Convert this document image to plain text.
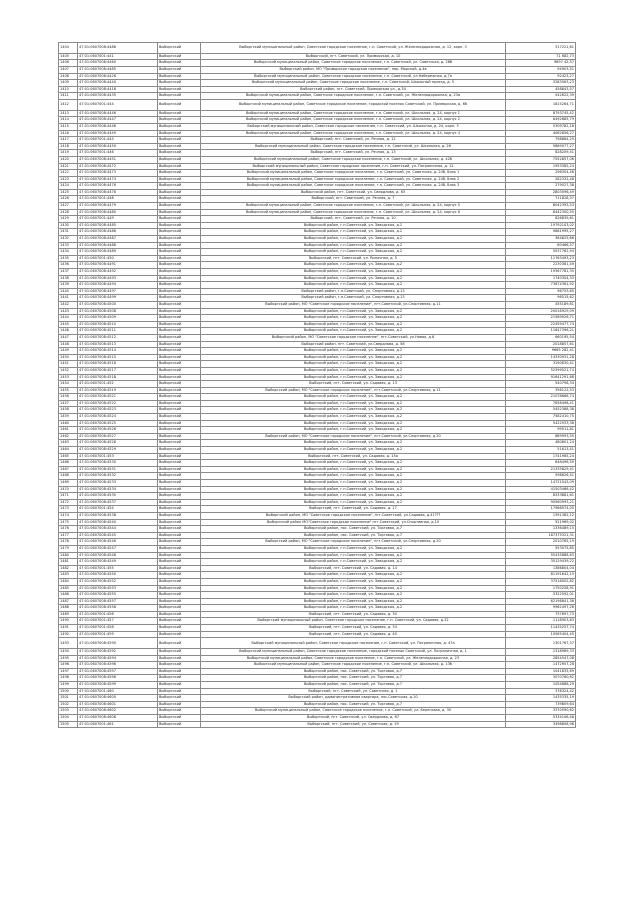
1404	47:01:0607008:4488	Выборгский	Выборгский муниципальный район, Советское городское поселение, г.п. Советский, ул. Железнодорожная, д. 12, корп. 3	317221,61
1405	47:01:0607001:441	Выборгский	Выборгский, пгт. Советский, ул. Приморская, д. 10	71 682,73
1406	47:01:0607008:4460	Выборгский	Выборгский муниципальный район, Советское городское поселение, г.п. Советский, ул. Советская, д. 28б	9697 42,37
1407	47:01:0607008:4485	Выборгский	Выборгский район, МО "Приморское городское поселение", пер. Морской, д.4в	94903,51
1408	47:01:0607008:4426	Выборгский	Выборгский муниципальный район, Советское городское поселение, г.п. Советский, ул.Набережная, д.7а	92423,27
1409	47:01:0607008:4440	Выборгский	Выборгский муниципальный район, Советское городское поселение, г.п. Советский, Школьный проезд, д. 5	3283563,23
1410	47:01:0607008:4418	Выборгский	Выборгский район, пгт. Советский, Приморская ул., д.34	458843,57
1411	47:01:0607008:4435	Выборгский	Выборгский муниципальный район, Советское городское поселение, г.п. Советский, ул. Железнодорожная, д. 23а	542622,39
1412	47:01:0607001:444	Выборгский	Выборгский муниципальный район, Советское городское поселение, городской поселок Советский, ул. Приморская, д. 66	1815264,71
1413	47:01:0607008:4446	Выборгский	Выборгский муниципальный район, Советское городское поселение, г.п. Советский, ул. Школьная, д. 24, корпус 1	8793745,42
1414	47:01:0607008:4447	Выборгский	Выборгский муниципальный район, Советское городское поселение, г.п. Советский, ул. Школьная, д. 24, корпус 2	6492685,79
1415	47:01:0607008:4448	Выборгский	Выборгский муниципальный район, Советское городское поселение, г.п. Советский, ул. Школьная, д. 24, корп. 3	5309782,18
1416	47:01:0607008:4449	Выборгский	Выборгский муниципальный район, Советское городское поселение, г.п. Советский, ул. Школьная, д. 24, корпус 4	4082856,27
1417	47:01:0607001:445	Выборгский	Выборгский, пгт. Советский, ул. Речная, д. 12	798864,25
1418	47:01:0607008:4450	Выборгский	Выборгский муниципальный район, Советское городское поселение, г.п. Советский, ул. Школьная, д. 26	5869077,27
1419	47:01:0607001:446	Выборгский	Выборгский, пгт. Советский, ул. Речная, д. 13	828209,41
1420	47:01:0607008:4451	Выборгский	Выборгский муниципальный район, Советское городское поселение, г.п. Советский, ул. Школьная, д. 42б	7552857,06
1421	47:01:0607008:4472	Выборгский	Выборгский муниципальный район, Советское городское поселение, г.п. Советский, ул. Пограничная, д. 12	1953385,24
1422	47:01:0607008:4473	Выборгский	Выборгский муниципальный район, Советское городское поселение, г.п. Советский, ул. Советская, д. 24б, блок 1	296304,46
1423	47:01:0607008:4474	Выборгский	Выборгский муниципальный район, Советское городское поселение, г.п. Советский, ул. Советская, д. 24б, блок 2	282332,48
1424	47:01:0607008:4476	Выборгский	Выборгский муниципальный район, Советское городское поселение, г.п. Советский, ул. Советская, д. 24б, блок 3	279027,38
1425	47:01:0607008:4478	Выборгский	Выборгский район, пгт. Советский, ул. Свердлова, д. 63	2803596,49
1426	47:01:0607001:448	Выборгский	Выборгский, пгт. Советский, ул. Речная, д. 7	711828,37
1427	47:01:0607008:4479	Выборгский	Выборгский муниципальный район, Советское городское поселение, г.п. Советский, ул. Школьная, д. 24, корпус 5	8042393,53
1428	47:01:0607008:4480	Выборгский	Выборгский муниципальный район, Советское городское поселение, г.п. Советский, ул. Школьная, д. 24, корпус 6	8442300,55
1429	47:01:0607001:449	Выборгский	Выборгский, пгт. Советский, ул. Речная, д. 10	826839,61
1430	47:01:0607008:4485	Выборгский	Выборгский район, г.п.Советский, ул. Заводская, д.1	19792103,02
1431	47:01:0607008:4486	Выборгский	Выборгский район, г.п.Советский, ул. Заводская, д.2	9881995,27
1432	47:01:0607008:4487	Выборгский	Выборгский район, г.п.Советский, ул. Заводская, д.2	384825,66
1433	47:01:0607008:4488	Выборгский	Выборгский район, г.п.Советский, ул. Заводская, д.2	80466,57
1434	47:01:0607008:4489	Выборгский	Выборгский район, г.п.Советский, ул. Заводская, д.2	5037762,94
1435	47:01:0607001:450	Выборгский	Выборгский, пгт. Советский, ул. Рыночная, д. 5	11763493,23
1436	47:01:0607008:4491	Выборгский	Выборгский район, г.п.Советский, ул. Заводская, д.2	2230381,49
1437	47:01:0607008:4492	Выборгский	Выборгский район, г.п.Советский, ул. Заводская, д.2	19367781,35
1438	47:01:0607008:4493	Выборгский	Выборгский район, г.п.Советский, ул. Заводская, д.2	1740304,33
1439	47:01:0607008:4494	Выборгский	Выборгский район, г.п.Советский, ул. Заводская, д.2	73674361,92
1440	47:01:0607008:4497	Выборгский	Выборгский район, г.п.Советский, ул. Спортивная, д.13	96753,65
1441	47:01:0607008:4499	Выборгский	Выборгский район, г.п.Советский, ул. Спортивная, д.13	96515,62
1442	47:01:0607008:4500	Выборгский	Выборгский район, МО "Советское городское поселение", пгт.Советский, ул.Спортивная, д.11	455189,81
1443	47:01:0607008:4508	Выборгский	Выборгский район, г.п.Советский, ул. Заводская, д.2	20016929,09
1444	47:01:0607008:4509	Выборгский	Выборгский район, г.п.Советский, ул. Заводская, д.2	21589926,71
1445	47:01:0607008:4510	Выборгский	Выборгский район, г.п.Советский, ул. Заводская, д.2	22459477,74
1446	47:01:0607008:4511	Выборгский	Выборгский район, г.п.Советский, ул. Заводская, д.2	11647396,21
1447	47:01:0607008:4512	Выборгский	Выборгский район, МО "Советское городское поселение", пгт.Советский, ул.Новая, д.6	660195,54
1448	47:01:0607008:4513	Выборгский	Выборгский район, пгт. Советский, ул.Свердлова, д. 58	2018857,61
1449	47:01:0607008:4514	Выборгский	Выборгский район, г.п.Советский, ул. Заводская, д.2	9665 282,41
1450	47:01:0607008:4515	Выборгский	Выборгский район, г.п.Советский, ул. Заводская, д.2	14330931,28
1451	47:01:0607008:4516	Выборгский	Выборгский район, г.п.Советский, ул. Заводская, д.2	3190830,41
1452	47:01:0607008:4517	Выборгский	Выборгский район, г.п.Советский, ул. Заводская, д.2	52399521,74
1453	47:01:0607008:4518	Выборгский	Выборгский район, г.п.Советский, ул. Заводская, д.2	91641291,68
1454	47:01:0607001:452	Выборгский	Выборгский, пгт. Советский, ул. Садовая, д. 13	540798,34
1455	47:01:0607008:4519	Выборгский	Выборгский район, МО "Советское городское поселение", пгт.Советский, ул.Спортивная, д.11	356122,53
1456	47:01:0607008:4521	Выборгский	Выборгский район, г.п.Советский, ул. Заводская, д.2	21078666,74
1457	47:01:0607008:4522	Выборгский	Выборгский район, г.п.Советский, ул. Заводская, д.2	7658498,41
1458	47:01:0607008:4523	Выборгский	Выборгский район, г.п.Советский, ул. Заводская, д.2	5452388,38
1459	47:01:0607008:4524	Выборгский	Выборгский район, г.п.Советский, ул. Заводская, д.2	7582410,75
1460	47:01:0607008:4525	Выборгский	Выборгский район, г.п.Советский, ул. Заводская, д.2	5422933,38
1461	47:01:0607008:4526	Выборгский	Выборгский район, г.п.Советский, ул. Заводская, д.2	99511,81
1462	47:01:0607008:4527	Выборгский	Выборгский район, МО "Советское городское поселение", пгт.Советский, ул.Спортивная, д.20	889993,55
1463	47:01:0607008:4528	Выборгский	Выборгский район, г.п.Советский, ул. Заводская, д.2	480801,24
1464	47:01:0607008:4529	Выборгский	Выборгский район, г.п.Советский, ул. Заводская, д.2	51613,41
1465	47:01:0607001:453	Выборгский	Выборгский, пгт. Советский, ул. Садовая, д. 15а	1741985,24
1466	47:01:0607008:4530	Выборгский	Выборгский район, г.п.Советский, ул. Заводская, д.2	848496,59
1467	47:01:0607008:4531	Выборгский	Выборгский район, г.п.Советский, ул. Заводская, д.2	21335829,41
1468	47:01:0607008:4532	Выборгский	Выборгский район, г.п.Советский, ул. Заводская, д.2	598826,51
1469	47:01:0607008:4533	Выборгский	Выборгский район, г.п.Советский, ул. Заводская, д.2	14721543,09
1470	47:01:0607008:4534	Выборгский	Выборгский район, г.п.Советский, ул. Заводская, д.2	41503466,42
1471	47:01:0607008:4535	Выборгский	Выборгский район, г.п.Советский, ул. Заводская, д.2	8333881,61
1472	47:01:0607008:4537	Выборгский	Выборгский район, г.п.Советский, ул. Заводская, д.2	90560993,21
1473	47:01:0607001:454	Выборгский	Выборгский, пгт. Советский, ул. Садовая, д. 17	17986974,05
1474	47:01:0607008:4538	Выборгский	Выборгский район, МО "Советское городское поселение", пгт.Советский, ул.Садовая, д.41???	1391382,12
1475	47:01:0607008:4540	Выборгский	Выборгский район МО"Советское городское поселение" пгт.Советский, ул.Спортивная, д.10	521969,02
1476	47:01:0607008:4544	Выборгский	Выборгский район, пос. Советский, ул. Торговая, д.7	1336489,15
1477	47:01:0607008:4545	Выборгский	Выборгский район, пос. Советский, ул. Торговая, д.7	187375321,31
1478	47:01:0607008:4546	Выборгский	Выборгский район, МО "Советское городское поселение", пгт.Советский, ул.Спортивная, д.20	2010765,19
1479	47:01:0607008:4547	Выборгский	Выборгский район, г.п.Советский, ул. Заводская, д.2	553075,85
1480	47:01:0607008:4548	Выборгский	Выборгский район, г.п.Советский, ул. Заводская, д.2	55435888,63
1481	47:01:0607008:4549	Выборгский	Выборгский район, г.п.Советский, ул. Заводская, д.2	35129439,22
1482	47:01:0607001:455	Выборгский	Выборгский, пгт. Советский, ул. Садовая, д. 14	1386804,04
1483	47:01:0607008:4550	Выборгский	Выборгский район, г.п.Советский, ул. Заводская, д.2	81191642,15
1484	47:01:0607008:4552	Выборгский	Выборгский район, г.п.Советский, ул. Заводская, д.2	37518002,82
1485	47:01:0607008:4553	Выборгский	Выборгский район, г.п.Советский, ул. Заводская, д.2	1750258,91
1486	47:01:0607008:4555	Выборгский	Выборгский район, г.п.Советский, ул. Заводская, д.2	5322592,01
1487	47:01:0607008:4557	Выборгский	Выборгский район, г.п.Советский, ул. Заводская, д.2	62198841,38
1488	47:01:0607008:4558	Выборгский	Выборгский район, г.п.Советский, ул. Заводская, д.2	9962497,26
1489	47:01:0607001:456	Выборгский	Выборгский, пгт. Советский, ул. Садовая, д. 30	737897,73
1490	47:01:0607001:457	Выборгский	Выборгский муниципальный район, Советское городское поселение, г.п. Советский, ул. Садовая, д.32	1118903,63
1491	47:01:0607001:458	Выборгский	Выборгский, пгт. Советский, ул. Садовая, д. 34	11435257,74
1492	47:01:0607001:459	Выборгский	Выборгский, пгт. Советский, ул. Садовая, д. 40	10565404,45
1493	47:01:0607008:4590	Выборгский	Выборгский муниципальный район, Советское городское поселение, г.п. Советский, ул. Пограничная, д. 47а	1301767,37
1494	47:01:0607008:4592	Выборгский	Выборгский муниципальный район, Советское городское поселение, городской поселок Советский, ул. Пограничная, д. 1	1318989,33
1495	47:01:0607008:4594	Выборгский	Выборгский муниципальный район, Советское городское поселение, г.п. Советский, ул. Железнодорожная, д. 23	2854547,08
1496	47:01:0607008:4596	Выборгский	Выборгский муниципальный район, Советское городское поселение, г.п. Советский, ул. Школьная, д. 13б	1472907,28
1497	47:01:0607008:4597	Выборгский	Выборгский район, пос. Советский, ул. Торговая, д.7	1041835,69
1498	47:01:0607008:4598	Выборгский	Выборгский район, пос. Советский, ул. Торговая, д.7	3070780,62
1499	47:01:0607008:4599	Выборгский	Выборгский район, пос. Советский, ул. Торговая, д.7	1054888,29
1500	47:01:0607001:460	Выборгский	Выборгский, пгт. Советский, ул. Советская, д. 1	378324,42
1501	47:01:0607008:4600	Выборгский	Выборгский район, административная квартира, пос.Советская, д.10	1435335,19
1502	47:01:0607008:4601	Выборгский	Выборгский район, пос. Советский, ул. Торговая, д.7	739809,64
1503	47:01:0607008:4602	Выборгский	Выборгский муниципальный район, Советское городское поселение, г.п. Советский, ул. Береговая, д. 30	3370590,62
1504	47:01:0607008:4606	Выборгский	Выборгский, пгт. Советский, ул. Свердлова, д. 67	5334106,48
1505	47:01:0607001:461	Выборгский	Выборгский, пгт. Советский, ул. Советская, д. 19	3498808,98
